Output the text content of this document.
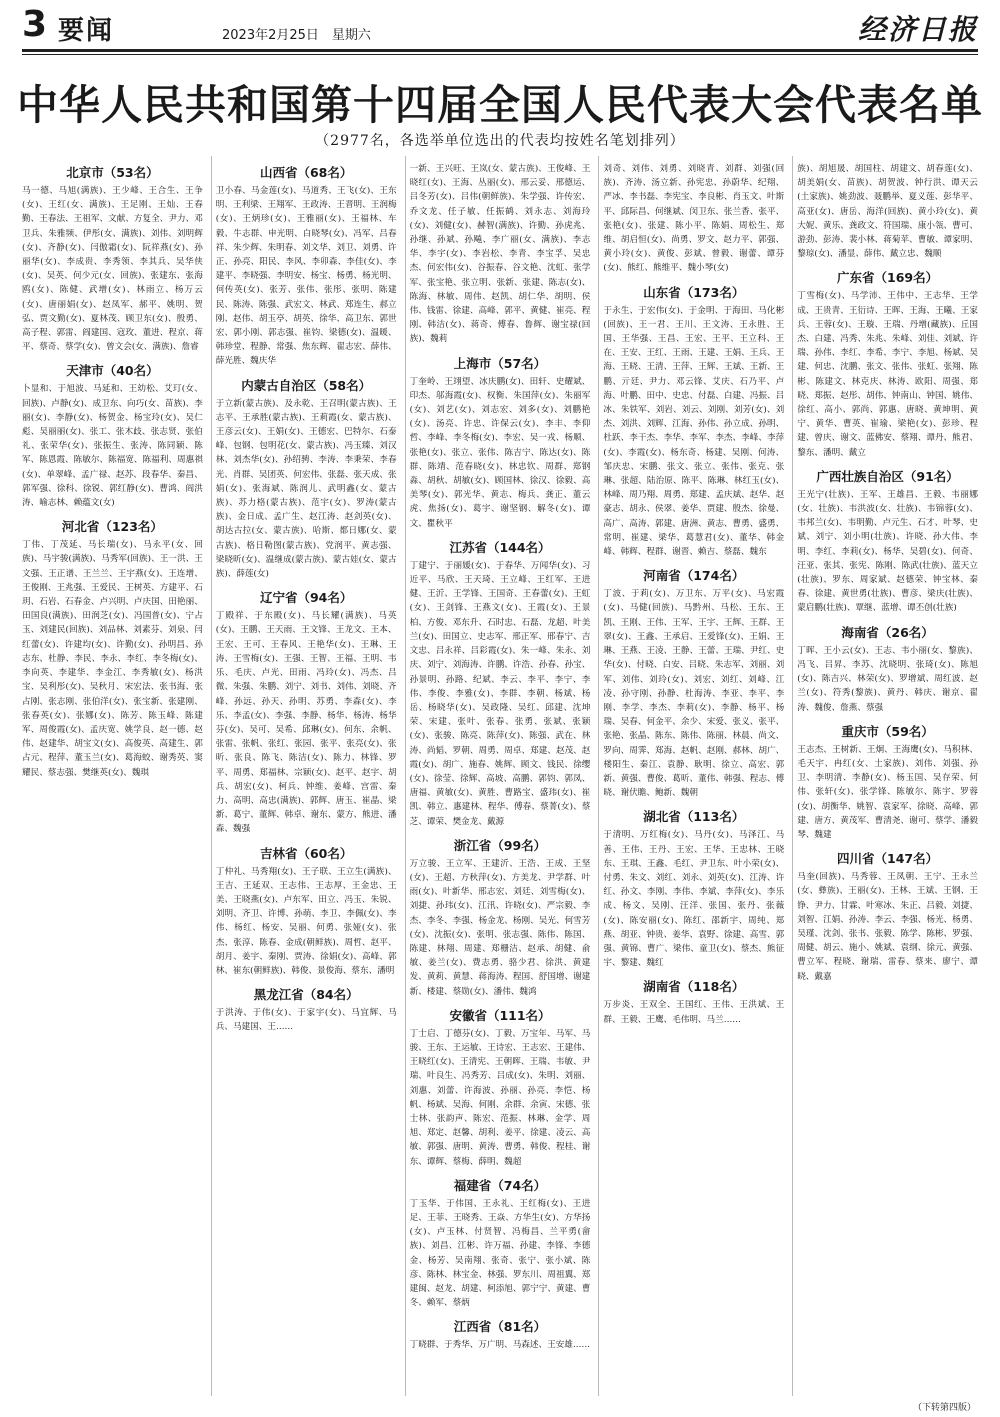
3 要闻	2023年2月25日　星期六	经济日报
中华人民共和国第十四届全国人民代表大会代表名单
（2977名，各选举单位选出的代表均按姓名笔划排列）
北京市（53名）
马一德、马旭(满族)、王少峰、王合生、王争(女)、王红(女、满族)、王足刚、王灿、王春勤、王春法、王祖军、文献、方复全、尹力、邓卫兵、朱雅频、伊彤(女、满族)、刘伟、刘明辉(女)、齐静(女)、闫傲霜(女)、阮祥燕(女)、孙丽华(女)、李成贵、李秀领、李其兵、吴华侠(女)、吴英、何少元(女、回族)、张建东、张海鸥(女)、陈健、武增(女)、林雨立、杨万云(女)、唐丽娟(女)、赵凤军、郝平、姚明、贺弘、贾文勤(女)、夏林茂、顾卫东(女)、殷勇、高子程、郭雷、阎建国、寇玫、董进、程京、蒋平、蔡奇、蔡学(女)、曾文会(女、满族)、詹睿
天津市（40名）
卜显和、于旭波、马延和、王幼松、艾玎(女、回族)、卢静(女)、成卫东、向巧(女、苗族)、李丽(女)、李静(女)、杨贺金、杨宝玲(女)、吴仁彪、吴丽丽(女)、张工、张木歧、张志贤、张伯礼、张荣华(女)、张振生、张涛、陈同颖、陈军、陈恩霞、陈敏尔、陈福宽、陈福利、周惠祺(女)、单翠峰、孟广禄、赵苏、段春华、秦昌、郭军强、徐科、徐锐、郭红静(女)、曹鸿、阎洪涛、喻志林、赖蕴文(女)
河北省（123名）
丁伟、丁茂延、马长瑞(女)、马永平(女、回族)、马宇骏(满族)、马秀军(回族)、王一洪、王文强、王正谱、王兰兰、王宇燕(女)、王连增、王俊刚、王兆强、王爱民、王树英、方建平、石玥、石岩、石春金、卢兴明、卢庆国、田艳丽、田国良(满族)、田润芝(女)、冯国普(女)、宁占玉、刘建民(回族)、刘品林、刘素芬、刘泉、闫红蕾(女)、许建均(女)、许勤(女)、孙明昌、孙志东、杜静、李民、李永、李红、李冬梅(女)、李向英、李建华、李金江、李秀敏(女)、杨洪宝、吴利彤(女)、吴秋月、宋宏法、张书海、张占刚、张志刚、张伯洋(女)、张宝新、张建刚、张春英(女)、张娜(女)、陈芳、陈玉峰、陈建军、周俊霞(女)、孟庆宽、姚学良、赵一德、赵伟、赵建华、胡宝文(女)、高俊英、高建生、郭占元、程萍、董玉兰(女)、葛海蛟、谢秀英、窦耀民、蔡志强、樊继英(女)、魏琪
山西省（68名）
卫小春、马金莲(女)、马道秀、王飞(女)、王东明、王利梁、王翔军、王政涛、王晋明、王润梅(女)、王炳珍(女)、王雅丽(女)、王福林、车毅、牛志群、申光明、白晓琴(女)、冯军、吕春祥、朱少辉、朱明春、刘文华、刘卫、刘勇、许正、孙亮、阳民、李风、李卯森、李佳(女)、李建平、李晓强、李明安、杨宝、杨勇、杨光明、何传英(女)、张芳、张伟、张彤、张明、陈建民、陈涛、陈强、武宏文、林武、郑连生、郝立刚、赵伟、胡玉亭、胡英、徐华、高卫东、郭世宏、郭小刚、郭志强、崔钧、梁德(女)、温暖、韩珍堂、程静、常强、焦东辉、翟志宏、薛伟、薛光胜、魏庆华
内蒙古自治区（58名）
于立新(蒙古族)、及永乾、王召明(蒙古族)、王志平、王承胜(蒙古族)、王莉霞(女、蒙古族)、王彦云(女)、王娟(女)、王德宏、巴特尔、石泰峰、包钢、包明花(女、蒙古族)、冯玉臻、刘汉林、刘杰华(女)、孙绍骋、李涛、李秉荣、李春光、肖群、吴团英、何宏伟、张磊、张天成、张娟(女)、张海斌、陈润儿、武明鑫(女、蒙古族)、苏力格(蒙古族)、范宇(女)、罗涛(蒙古族)、金日成、孟广生、赵江涛、赵剑英(女)、胡达古拉(女、蒙古族)、哈斯、都日娜(女、蒙古族)、格日勒图(蒙古族)、党润平、黄志强、梁晓昕(女)、温继成(蒙古族)、蒙古娃(女、蒙古族)、薛莲(女)
辽宁省（94名）
丁殿祥、于东殿(女)、马长耀(满族)、马英(女)、王鹏、王天雨、王文锋、王龙文、王本、王宏、王可、王春风、王艳华(女)、王琳、王涛、王雪梅(女)、王强、王智、王福、王明、韦乐、毛庆、卢光、田雨、冯玲(女)、冯杰、吕微、朱强、朱鹏、刘宁、刘书、刘伟、刘晓、齐峰、孙远、孙天、孙明、苏勇、李森(女)、李乐、李孟(女)、李强、李静、杨华、杨涛、杨华芬(女)、吴可、吴希、邱琳(女)、何东、余帆、张雷、张帆、张红、张园、张平、张亮(女)、张昕、张良、陈飞、陈洁(女)、陈力、林锋、罗平、周勇、郑福林、宗颖(女)、赵平、赵宇、胡兵、胡宏(女)、柯兵、钟维、姜峰、宫雷、秦力、高明、高忠(满族)、郭辉、唐玉、崔晶、梁新、葛宁、董辉、韩卓、谢东、蒙方、熊进、潘森、魏强
吉林省（60名）
丁仲礼、马秀翔(女)、王子联、王立生(满族)、王吉、王延双、王志伟、王志厚、王金忠、王美、王晓燕(女)、卢东军、田立、冯玉、朱锐、刘明、齐卫、许博、孙萌、李卫、李佩(女)、李伟、杨红、杨安、吴丽、何勇、张娅(女)、张杰、张淳、陈春、金成(朝鲜族)、周哲、赵平、胡月、姜宇、秦刚、贾涛、徐娟(女)、高峰、郭林、崔东(朝鲜族)、韩俊、景俊海、蔡东、潘明
黑龙江省（84名）
于洪涛、于伟(女)、于家宇(女)、马宜辉、马兵、马建国、王……
一新、王兴旺、王岚(女、蒙古族)、王俊峰、王晓红(女)、王海、丛丽(女)、邢云妥、邢德运、吕冬芳(女)、吕伟(朝鲜族)、朱学强、许传宏、乔文龙、任子敏、任振鹤、刘永志、刘海玲(女)、刘健(女)、赫智(满族)、许勤、孙虎兆、孙继、孙斌、孙飚、李广丽(女、满族)、李志华、李宇(女)、李岩松、李青、李宝孚、吴忠杰、何宏伟(女)、谷振春、谷文艳、沈虹、张学军、张宝艳、张立明、张新、张建、陈志(女)、陈海、林敏、周伟、赵凯、胡仁华、胡明、侯伟、钱雷、徐建、高峰、郭平、黄健、崔亮、程刚、韩洁(女)、蒋奇、傅春、鲁辉、谢宝禄(回族)、魏莉
上海市（57名）
丁奎岭、王翊望、冰庆鹏(女)、田轩、史耀斌、印杰、邬海霞(女)、权衡、朱国萍(女)、朱丽军(女)、刘艺(女)、刘志宏、刘多(女)、刘鹏艳(女)、汤亮、许忠、许保云(女)、李丰、李仰哲、李峰、李冬梅(女)、李宏、吴一戎、杨顺、张艳(女)、张立、张伟、陈吉宁、陈达(女)、陈群、陈靖、范春晓(女)、林忠钦、周群、郑钢淼、胡秋、胡敏(女)、顾国林、徐汉、徐毅、高美琴(女)、郭光华、黄志、梅兵、龚正、董云虎、焦扬(女)、葛宇、谢坚钢、解冬(女)、谭文、瞿秋平
江苏省（144名）
丁建宁、于丽媛(女)、于春华、万闻华(女)、习近平、马欣、王天琦、王立峰、王红军、王进健、王沂、王学锋、王国奇、王春蕾(女)、王虹(女)、王剑锋、王燕文(女)、王霞(女)、王景柏、方俊、邓东升、石时忠、石磊、龙超、叶美兰(女)、田国立、史志军、邢正军、邢春宁、吉文忠、吕永祥、吕彩霞(女)、朱一峰、朱永、刘庆、刘宁、刘海涛、许鹏、许浩、孙春、孙宝、孙景明、孙路、纪斌、李云、李平、李宁、李伟、李俊、李雅(女)、李群、李朝、杨斌、杨岳、杨晓华(女)、吴政隆、吴红、邱建、沈坤荣、宋建、张叶、张春、张勇、张斌、张颖(女)、张骏、陈亮、陈萍(女)、陈强、武在、林涛、尚韬、罗朝、周勇、周卓、郑建、赵茂、赵霞(女)、胡广、施春、姚辉、顾文、钱民、徐缨(女)、徐莹、徐辉、高坡、高鹏、郭钧、郭凤、唐福、黄敏(女)、黄胜、曹路宝、盛玮(女)、崔凯、韩立、惠建林、程华、傅春、蔡菁(女)、蔡芝、谭荣、樊金龙、戴源
浙江省（99名）
万立骏、王立军、王建沂、王浩、王成、王坚(女)、王超、方秋萍(女)、方美龙、尹学群、叶雨(女)、叶新华、邢志宏、刘廷、刘雪梅(女)、刘捷、孙玮(女)、江汛、许晓(女)、严宗毅、李杰、李冬、李强、杨金龙、杨刚、吴光、何雪芳(女)、沈振(女)、张明、张志强、陈伟、陈国、陈建、林翔、周建、郑栅洁、赵承、胡健、俞敏、姜兰(女)、费志勇、骆少君、徐洪、黄建发、黄莉、黄慧、蒋海涛、程国、舒国增、谢建新、楼建、蔡勋(女)、潘伟、魏鸿
安徽省（111名）
丁士启、丁德芬(女)、丁毅、万宝年、马军、马骏、王东、王运敏、王诗宏、王志宏、王建伟、王晓红(女)、王清宪、王朝晖、王瑞、韦敏、尹瑞、叶良生、冯秀芳、吕成(女)、朱明、刘丽、刘惠、刘蕾、许海波、孙丽、孙亮、李恺、杨帆、杨斌、吴海、何刚、余群、余寅、宋德、张士林、张韵声、陈宏、范振、林琳、金学、周旭、郑定、赵馨、胡利、姜平、徐建、凌云、高敏、郭强、唐明、黄涛、曹勇、韩俊、程桂、谢东、谭辉、蔡梅、薛明、魏超
福建省（74名）
丁玉华、于伟国、王永礼、王红梅(女)、王进足、王菲、王晓秀、王焱、方华生(女)、方华扬(女)、卢玉林、付贤智、冯梅昌、兰平勇(畲族)、刘昌、江彬、许万福、孙建、李锋、李德金、杨芳、吴南翔、张奇、张宁、张小斌、陈彦、陈林、林宝金、林强、罗东川、周祖翼、郑建闽、赵龙、胡建、柯添旭、郭宁宁、黄建、曹冬、赖军、蔡炳
江西省（81名）
丁晓群、于秀华、万广明、马森述、王安雄……
刘奇、刘伟、刘勇、刘晓青、刘群、刘强(回族)、齐涛、汤立新、孙宪忠、孙蔚华、纪翔、严冰、李书磊、李宪宝、李良彬、肖玉文、叶斯平、邱际昌、何继斌、闵卫东、张兰香、张平、张艳(女)、张建、陈小平、陈娟、周松生、郑维、胡启恒(女)、尚勇、罗文、赵力平、郭强、黄小玲(女)、黄俊、彭斌、曾毅、谢蕾、谭芬(女)、熊红、熊维平、魏小琴(女)
山东省（173名）
于永生、于宏伟(女)、于金明、于海田、马化彬(回族)、王一君、王川、王文涛、王永胜、王国、王华强、王昌、王宏、王平、王立科、王在、王安、王红、王雨、王建、王娟、王兵、王海、王晓、王清、王萍、王辉、王斌、王新、王鹏、亓廷、尹力、邓云锋、艾庆、石乃平、卢海、叶鹏、田中、史忠、付磊、白建、冯振、吕冰、朱铁军、刘岩、刘云、刘刚、刘芳(女)、刘杰、刘洪、刘辉、江海、孙伟、孙立成、孙明、杜跃、李干杰、李华、李军、李杰、李峰、李萍(女)、李霞(女)、杨东奇、杨建、吴刚、何涛、邹庆忠、宋鹏、张文、张立、张伟、张克、张琳、张超、陆治原、陈平、陈琳、林红玉(女)、林峰、周乃翔、周勇、郑建、孟庆斌、赵华、赵豪志、胡永、侯翠、姜华、贾建、殷杰、徐曼、高广、高涛、郭建、唐洲、黄志、曹勇、盛勇、常明、崔建、梁华、葛慧君(女)、董华、韩金峰、韩辉、程群、谢晋、赖吉、蔡磊、魏东
河南省（174名）
丁波、于莉(女)、万卫东、万平(女)、马宏霞(女)、马健(回族)、马黔州、马松、王东、王凯、王刚、王伟、王军、王宇、王辉、王群、王翠(女)、王鑫、王承启、王爱锋(女)、王娟、王琳、王燕、王凌、王静、王蕾、王瑞、尹红、史华(女)、付晓、白安、吕晓、朱志军、刘丽、刘军、刘伟、刘玲(女)、刘宏、刘红、刘峰、江凌、孙守刚、孙静、杜海涛、李亚、李平、李刚、李学、李杰、李莉(女)、李静、杨平、杨瑞、吴春、何金平、余少、宋爱、张义、张平、张艳、张晶、陈东、陈伟、陈丽、林晨、尚文、罗向、周霁、郑海、赵帆、赵刚、郝林、胡广、楼阳生、秦江、袁静、耿明、徐立、高宏、郭新、黄强、曹俊、葛昕、董伟、韩强、程志、傅晓、谢伏瞻、鲍新、魏朝
湖北省（113名）
于清明、万红梅(女)、马丹(女)、马泽江、马善、王伟、王丹、王宏、王华、王忠林、王晓东、王琪、王鑫、毛红、尹卫东、叶小荣(女)、付勇、朱文、刘红、刘永、刘英(女)、江涛、许红、孙文、李刚、李伟、李斌、李萍(女)、李乐成、杨文、吴刚、汪洋、张国、张丹、张薇(女)、陈安丽(女)、陈红、邵新宇、周纯、郑燕、胡亚、钟贵、姜华、袁野、徐建、高雪、郭强、黄锦、曹广、梁伟、童卫(女)、蔡杰、熊征宇、黎建、魏红
湖南省（118名）
万步炎、王双全、王国红、王伟、王洪斌、王群、王毅、王鹰、毛伟明、马兰……
族)、胡旭晟、胡国柱、胡建文、胡春莲(女)、胡美娟(女、苗族)、胡贺波、钟行洪、谭天云(土家族)、姚劲波、聂鹏举、夏义莲、彭华平、高亚(女)、唐岳、海洋(回族)、黄小玲(女)、黄大妮、黄乐、龚政文、符国瑞、康小瓴、曹可、游劲、彭涛、裴小林、蒋菊苹、曹敏、谭家明、黎琼(女)、潘显、薛伟、戴立忠、魏顺
广东省（169名）
丁雪梅(女)、马学沛、王伟中、王志华、王学成、王贵青、王衍诗、王晖、王海、王曦、王家兵、王蓉(女)、王璇、王瑞、丹增(藏族)、丘国杰、白建、冯秀、朱兆、朱峰、刘佳、刘斌、许瑞、孙伟、李红、李希、李宁、李旭、杨斌、吴建、何忠、沈鹏、张文、张伟、张虹、张翔、陈彬、陈建文、林克庆、林涛、欧阳、周强、郑晓、郑振、赵彤、胡伟、钟南山、钟国、姚伟、徐红、高小、郭尚、郭惠、唐晓、黄坤明、黄宁、黄华、曹英、崔瑜、梁艳(女)、彭珍、程建、曾庆、谢文、蓝佛安、蔡翔、谭丹、熊君、黎东、潘明、戴立
广西壮族自治区（91名）
王光宁(壮族)、王军、王雄昌、王毅、韦丽娜(女、壮族)、韦洪波(女、壮族)、韦锦蓉(女)、韦邦兰(女)、韦明勤、卢元生、石才、叶琴、史斌、刘宁、刘小明(壮族)、许晓、孙大伟、李明、李红、李莉(女)、杨华、吴碧(女)、何奇、汪亚、张其、张宪、陈刚、陈武(壮族)、蓝天立(壮族)、罗东、周家斌、赵德荣、钟宝林、秦春、徐建、黄世勇(壮族)、曹彦、梁庆(壮族)、蒙启鹏(壮族)、覃继、蓝增、谭丕创(壮族)
海南省（26名）
丁晖、王小云(女)、王志、韦小丽(女、黎族)、冯飞、吕昇、李苏、沈晓明、张琦(女)、陈旭(女)、陈吉兴、林荣(女)、罗增斌、周红波、赵兰(女)、符秀(黎族)、黄丹、韩庆、谢京、翟涛、魏俊、詹燕、蔡强
重庆市（59名）
王志杰、王树新、王炯、王海鹰(女)、马积林、毛天宇、冉红(女、土家族)、刘伟、刘强、孙卫、李明清、李静(女)、杨玉国、吴存荣、何伟、张轩(女)、张学锋、陈敏尔、陈宇、罗蓉(女)、胡衡华、姚智、袁家军、徐晓、高峰、郭建、唐方、黄茂军、曹清尧、谢可、蔡学、潘毅琴、魏建
四川省（147名）
马奎(回族)、马秀蓉、王凤朝、王宁、王永兰(女、彝族)、王丽(女)、王林、王斌、王钢、王铮、尹力、甘霖、叶寒冰、朱正、吕毅、刘捷、刘智、江娟、孙涛、李云、李强、杨光、杨勇、吴瑾、沈剑、张书、张毅、陈学、陈彬、罗强、周健、胡云、施小、姚斌、袁纲、徐元、黄强、曹立军、程晓、谢瑞、雷春、蔡来、廖宁、谭晓、戴嘉
（下转第四版）
